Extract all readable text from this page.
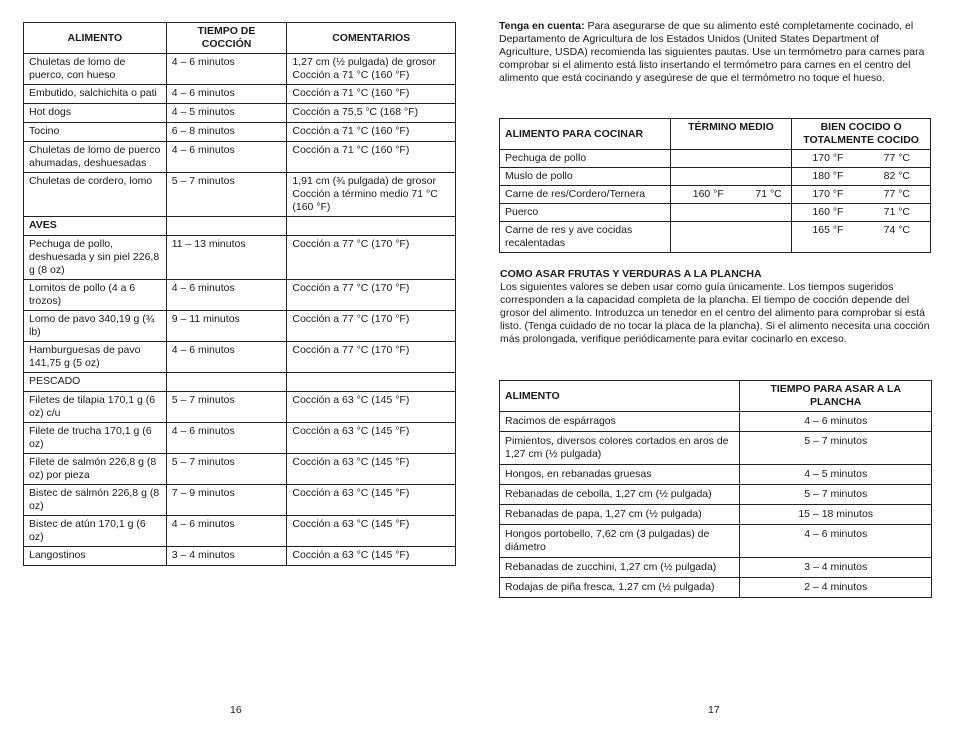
ALIMENTO	TIEMPO DE COCCIÓN	COMENTARIOS
Chuletas de lomo de puerco, con hueso	4 – 6 minutos	1,27 cm (½ pulgada) de grosor Cocción a 71 °C (160 °F)
Embutido, salchichita o pati	4 – 6 minutos	Cocción a 71 °C (160 °F)
Hot dogs	4 – 5 minutos	Cocción a 75,5 °C (168 °F)
Tocino	6 – 8 minutos	Cocción a 71 °C (160 °F)
Chuletas de lomo de puerco ahumadas, deshuesadas	4 – 6 minutos	Cocción a 71 °C (160 °F)
Chuletas de cordero, lomo	5 – 7 minutos	1,91 cm (¾ pulgada) de grosor Cocción a término medio 71 °C (160 °F)
AVES		
Pechuga de pollo, deshuesada y sin piel 226,8 g (8 oz)	11 – 13 minutos	Cocción a 77 °C (170 °F)
Lomitos de pollo (4 a 6 trozos)	4 – 6 minutos	Cocción a 77 °C (170 °F)
Lomo de pavo 340,19 g (¾ lb)	9 – 11 minutos	Cocción a 77 °C (170 °F)
Hamburguesas de pavo 141,75 g (5 oz)	4 – 6 minutos	Cocción a 77 °C (170 °F)
PESCADO		
Filetes de tilapia 170,1 g (6 oz) c/u	5 – 7 minutos	Cocción a 63 °C (145 °F)
Filete de trucha 170,1 g (6 oz)	4 – 6 minutos	Cocción a 63 °C (145 °F)
Filete de salmón 226,8 g (8 oz) por pieza	5 – 7 minutos	Cocción a 63 °C (145 °F)
Bistec de salmón 226,8 g (8 oz)	7 – 9 minutos	Cocción a 63 °C (145 °F)
Bistec de atún 170,1 g (6 oz)	4 – 6 minutos	Cocción a 63 °C (145 °F)
Langostinos	3 – 4 minutos	Cocción a 63 °C (145 °F)
Tenga en cuenta: Para asegurarse de que su alimento esté completamente cocinado, el Departamento de Agricultura de los Estados Unidos (United States Department of Agriculture, USDA) recomienda las siguientes pautas. Use un termómetro para carnes para comprobar si el alimento está listo insertando el termómetro para carnes en el centro del alimento que está cocinando y asegúrese de que el termómetro no toque el hueso.
ALIMENTO PARA COCINAR	TÉRMINO MEDIO		BIEN COCIDO O TOTALMENTE COCIDO	
Pechuga de pollo			170 °F	77 °C
Muslo de pollo			180 °F	82 °C
Carne de res/Cordero/Ternera	160 °F	71 °C	170 °F	77 °C
Puerco			160 °F	71 °C
Carne de res y ave cocidas recalentadas			165 °F	74 °C
COMO ASAR FRUTAS Y VERDURAS A LA PLANCHA
Los siguientes valores se deben usar como guía únicamente. Los tiempos sugeridos corresponden a la capacidad completa de la plancha. El tiempo de cocción depende del grosor del alimento. Introduzca un tenedor en el centro del alimento para comprobar si está listo. (Tenga cuidado de no tocar la placa de la plancha). Si el alimento necesita una cocción más prolongada, verifique periódicamente para evitar cocinarlo en exceso.
ALIMENTO	TIEMPO PARA ASAR A LA PLANCHA
Racimos de espárragos	4 – 6 minutos
Pimientos, diversos colores cortados en aros de 1,27 cm (½ pulgada)	5 – 7 minutos
Hongos, en rebanadas gruesas	4 – 5 minutos
Rebanadas de cebolla, 1,27 cm (½ pulgada)	5 – 7 minutos
Rebanadas de papa, 1,27 cm (½ pulgada)	15 – 18 minutos
Hongos portobello, 7,62 cm (3 pulgadas) de diámetro	4 – 6 minutos
Rebanadas de zucchini, 1,27 cm (½ pulgada)	3 – 4 minutos
Rodajas de piña fresca, 1,27 cm (½ pulgada)	2 – 4 minutos
16	17
